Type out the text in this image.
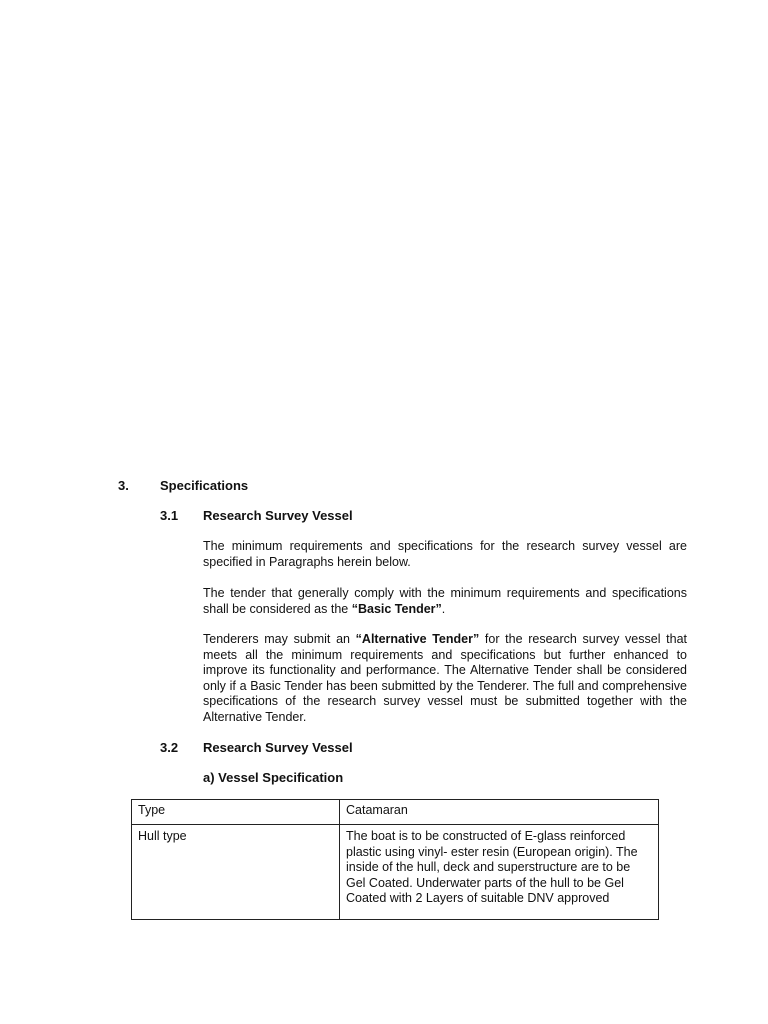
3. Specifications
3.1 Research Survey Vessel

The minimum requirements and specifications for the research survey vessel are specified in Paragraphs herein below.

The tender that generally comply with the minimum requirements and specifications shall be considered as the “Basic Tender”.

Tenderers may submit an “Alternative Tender” for the research survey vessel that meets all the minimum requirements and specifications but further enhanced to improve its functionality and performance. The Alternative Tender shall be considered only if a Basic Tender has been submitted by the Tenderer. The full and comprehensive specifications of the research survey vessel must be submitted together with the Alternative Tender.

3.2 Research Survey Vessel
a) Vessel Specification
Type	Catamaran
Hull type	The boat is to be constructed of E-glass reinforced plastic using vinyl- ester resin (European origin). The inside of the hull, deck and superstructure are to be Gel Coated. Underwater parts of the hull to be Gel Coated with 2 Layers of suitable DNV approved
